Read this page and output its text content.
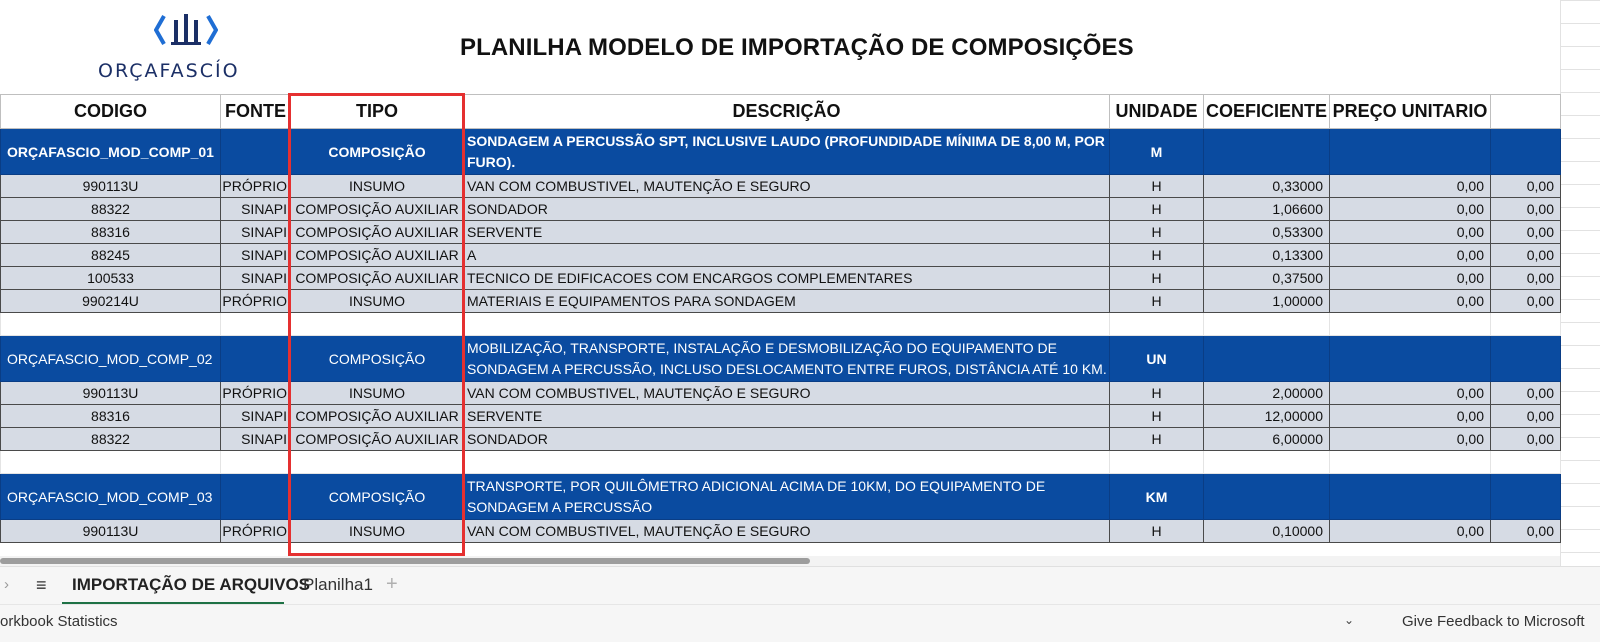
ORÇAFASCÍO
PLANILHA MODELO DE IMPORTAÇÃO DE COMPOSIÇÕES
CODIGO	FONTE	TIPO	DESCRIÇÃO	UNIDADE	COEFICIENTE	PREÇO UNITARIO	
ORÇAFASCIO_MOD_COMP_01		COMPOSIÇÃO	SONDAGEM A PERCUSSÃO SPT, INCLUSIVE LAUDO (PROFUNDIDADE MÍNIMA DE 8,00 M, POR FURO).	M			
990113U	PRÓPRIO	INSUMO	VAN COM COMBUSTIVEL, MAUTENÇÃO E SEGURO	H	0,33000	0,00	0,00
88322	SINAPI	COMPOSIÇÃO AUXILIAR	SONDADOR	H	1,06600	0,00	0,00
88316	SINAPI	COMPOSIÇÃO AUXILIAR	SERVENTE	H	0,53300	0,00	0,00
88245	SINAPI	COMPOSIÇÃO AUXILIAR	A	H	0,13300	0,00	0,00
100533	SINAPI	COMPOSIÇÃO AUXILIAR	TECNICO DE EDIFICACOES COM ENCARGOS COMPLEMENTARES	H	0,37500	0,00	0,00
990214U	PRÓPRIO	INSUMO	MATERIAIS E EQUIPAMENTOS PARA SONDAGEM	H	1,00000	0,00	0,00

ORÇAFASCIO_MOD_COMP_02		COMPOSIÇÃO	MOBILIZAÇÃO, TRANSPORTE, INSTALAÇÃO E DESMOBILIZAÇÃO DO EQUIPAMENTO DE SONDAGEM A PERCUSSÃO, INCLUSO DESLOCAMENTO ENTRE FUROS, DISTÂNCIA ATÉ 10 KM.	UN			
990113U	PRÓPRIO	INSUMO	VAN COM COMBUSTIVEL, MAUTENÇÃO E SEGURO	H	2,00000	0,00	0,00
88316	SINAPI	COMPOSIÇÃO AUXILIAR	SERVENTE	H	12,00000	0,00	0,00
88322	SINAPI	COMPOSIÇÃO AUXILIAR	SONDADOR	H	6,00000	0,00	0,00

ORÇAFASCIO_MOD_COMP_03		COMPOSIÇÃO	TRANSPORTE, POR QUILÔMETRO ADICIONAL ACIMA DE 10KM, DO EQUIPAMENTO DE SONDAGEM A PERCUSSÃO	KM			
990113U	PRÓPRIO	INSUMO	VAN COM COMBUSTIVEL, MAUTENÇÃO E SEGURO	H	0,10000	0,00	0,00
› ≡ IMPORTAÇÃO DE ARQUIVOS
Planilha1 +
orkbook Statistics	⌄	Give Feedback to Microsoft
